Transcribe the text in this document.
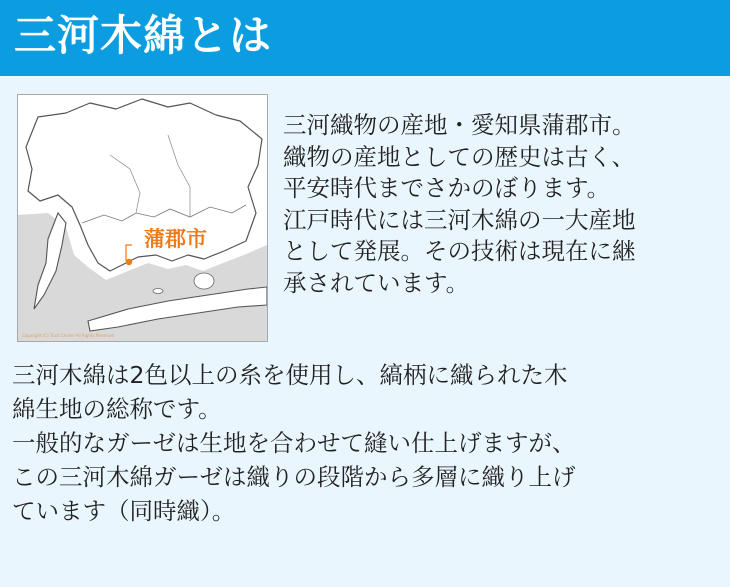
三河木綿とは
蒲郡市
Copyright (C) Trust Center All Rights Reserved
三河織物の産地・愛知県蒲郡市。
織物の産地としての歴史は古く、
平安時代までさかのぼります。
江戸時代には三河木綿の一大産地
として発展。その技術は現在に継
承されています。
三河木綿は2色以上の糸を使用し、縞柄に織られた木
綿生地の総称です。
一般的なガーゼは生地を合わせて縫い仕上げますが、
この三河木綿ガーゼは織りの段階から多層に織り上げ
ています（同時織）。
